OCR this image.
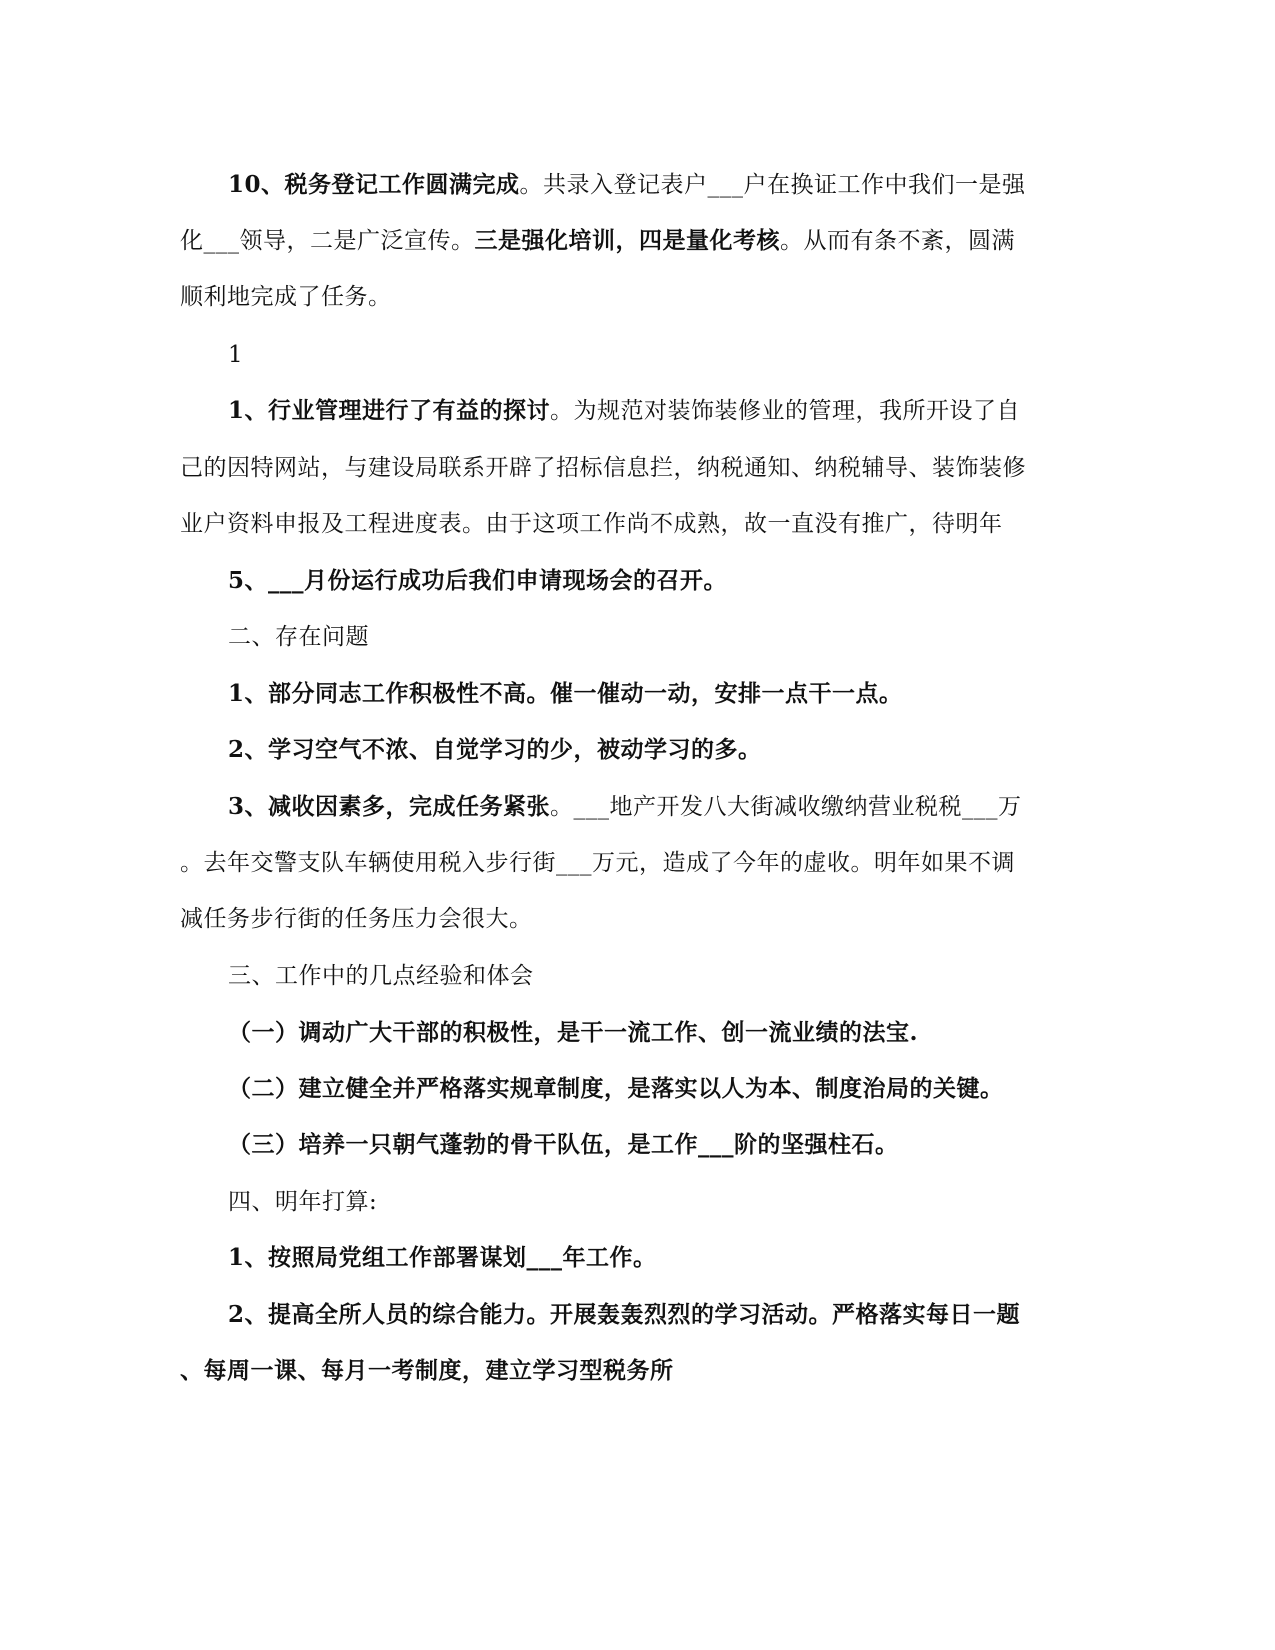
10、税务登记工作圆满完成。共录入登记表户___户在换证工作中我们一是强
化___领导，二是广泛宣传。三是强化培训，四是量化考核。从而有条不紊，圆满
顺利地完成了任务。
1
1、行业管理进行了有益的探讨。为规范对装饰装修业的管理，我所开设了自
己的因特网站，与建设局联系开辟了招标信息拦，纳税通知、纳税辅导、装饰装修
业户资料申报及工程进度表。由于这项工作尚不成熟，故一直没有推广，待明年
5、___月份运行成功后我们申请现场会的召开。
二、存在问题
1、部分同志工作积极性不高。催一催动一动，安排一点干一点。
2、学习空气不浓、自觉学习的少，被动学习的多。
3、减收因素多，完成任务紧张。___地产开发八大街减收缴纳营业税税___万
。去年交警支队车辆使用税入步行街___万元，造成了今年的虚收。明年如果不调
减任务步行街的任务压力会很大。
三、工作中的几点经验和体会
（一）调动广大干部的积极性，是干一流工作、创一流业绩的法宝.
（二）建立健全并严格落实规章制度，是落实以人为本、制度治局的关键。
（三）培养一只朝气蓬勃的骨干队伍，是工作___阶的坚强柱石。
四、明年打算:
1、按照局党组工作部署谋划___年工作。
2、提高全所人员的综合能力。开展轰轰烈烈的学习活动。严格落实每日一题
、每周一课、每月一考制度，建立学习型税务所
